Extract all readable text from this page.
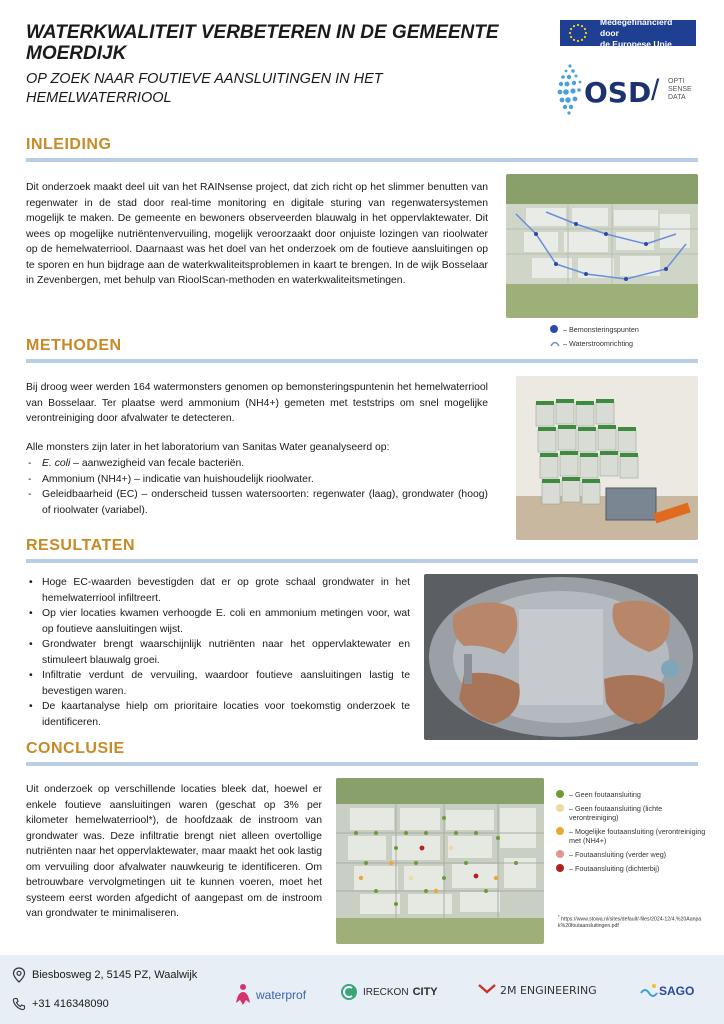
WATERKWALITEIT VERBETEREN IN DE GEMEENTE MOERDIJK
OP ZOEK NAAR FOUTIEVE AANSLUITINGEN IN HET HEMELWATERRIOOL
Medegefinancierd door
de Europese Unie
OSD / OPTI
SENSE
DATA
INLEIDING
Dit onderzoek maakt deel uit van het RAINsense project, dat zich richt op het slimmer benutten van regenwater in de stad door real-time monitoring en digitale sturing van regenwatersystemen mogelijk te maken. De gemeente en bewoners observeerden blauwalg in het oppervlaktewater. Dit wees op mogelijke nutriëntenvervuiling, mogelijk veroorzaakt door onjuiste lozingen van rioolwater op de hemelwaterriool. Daarnaast was het doel van het onderzoek om de foutieve aansluitingen op te sporen en hun bijdrage aan de waterkwaliteitsproblemen in kaart te brengen. In de wijk Bosselaar in Zevenbergen, met behulp van RioolScan-methoden en waterkwaliteitsmetingen.
– Bemonsteringspunten
– Waterstroomrichting
METHODEN
Bij droog weer werden 164 watermonsters genomen op bemonsteringspuntenin het hemelwaterriool van Bosselaar. Ter plaatse werd ammonium (NH4+) gemeten met teststrips om snel mogelijke verontreiniging door afvalwater te detecteren.
Alle monsters zijn later in het laboratorium van Sanitas Water geanalyseerd op:
- E. coli – aanwezigheid van fecale bacteriën.
- Ammonium (NH4+) – indicatie van huishoudelijk rioolwater.
- Geleidbaarheid (EC) – onderscheid tussen watersoorten: regenwater (laag), grondwater (hoog) of rioolwater (variabel).
RESULTATEN
• Hoge EC-waarden bevestigden dat er op grote schaal grondwater in het hemelwaterriool infiltreert.
• Op vier locaties kwamen verhoogde E. coli en ammonium metingen voor, wat op foutieve aansluitingen wijst.
• Grondwater brengt waarschijnlijk nutriënten naar het oppervlaktewater en stimuleert blauwalg groei.
• Infiltratie verdunt de vervuiling, waardoor foutieve aansluitingen lastig te bevestigen waren.
• De kaartanalyse hielp om prioritaire locaties voor toekomstig onderzoek te identificeren.
CONCLUSIE
Uit onderzoek op verschillende locaties bleek dat, hoewel er enkele foutieve aansluitingen waren (geschat op 3% per kilometer hemelwaterriool*), de hoofdzaak de instroom van grondwater was. Deze infiltratie brengt niet alleen overtollige nutriënten naar het oppervlaktewater, maar maakt het ook lastig om vervuiling door afvalwater nauwkeurig te identificeren. Om betrouwbare vervolgmetingen uit te kunnen voeren, moet het systeem eerst worden afgedicht of aangepast om de instroom van grondwater te minimaliseren.
– Geen foutaansluiting
– Geen foutaansluiting (lichte verontreiniging)
– Mogelijke foutaansluiting (verontreiniging met (NH4+)
– Foutaansluiting (verder weg)
– Foutaansluiting (dichterbij)
* https://www.stowa.nl/sites/default/-files/2024-12/4.%20Aanpak%20foutaansluitingen.pdf
Biesbosweg 2, 5145 PZ, Waalwijk
+31 416348090
waterprof	IRECKON CITY	2M ENGINEERING	SAGO
